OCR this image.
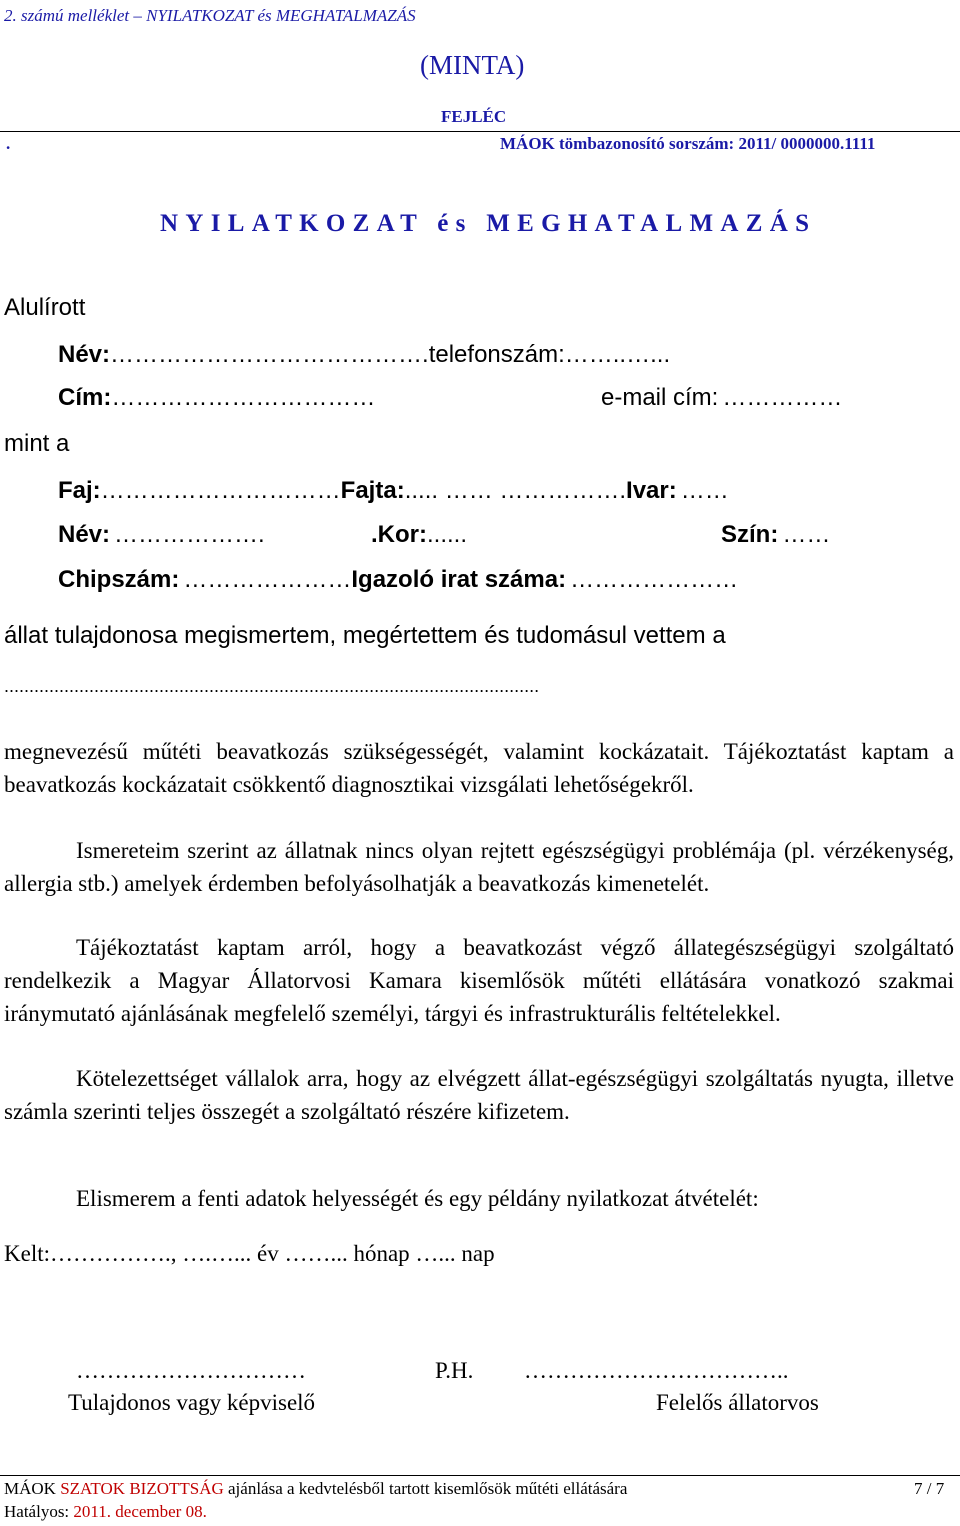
2. számú melléklet – NYILATKOZAT és MEGHATALMAZÁS
(MINTA)
FEJLÉC
.	MÁOK tömbazonosító sorszám: 2011/ 0000000.1111
NYILATKOZAT és MEGHATALMAZÁS
Alulírott
Név:………………………………….telefonszám:……..…...
Cím:……………………………	e-mail cím: ……………
mint a
Faj:…………………………Fajta:..... …… …………….Ivar: ……
Név: ……………….	.Kor:......	Szín: ……
Chipszám: …………………Igazoló irat száma: …………………
állat tulajdonosa megismertem, megértettem és tudomásul vettem a
...........................................................................................................
megnevezésű műtéti beavatkozás szükségességét, valamint kockázatait. Tájékoztatást kaptam a beavatkozás kockázatait csökkentő diagnosztikai vizsgálati lehetőségekről.
Ismereteim szerint az állatnak nincs olyan rejtett egészségügyi problémája (pl. vérzékenység, allergia stb.) amelyek érdemben befolyásolhatják a beavatkozás kimenetelét.
Tájékoztatást kaptam arról, hogy a beavatkozást végző állategészségügyi szolgáltató rendelkezik a Magyar Állatorvosi Kamara kisemlősök műtéti ellátására vonatkozó szakmai iránymutató ajánlásának megfelelő személyi, tárgyi és infrastrukturális feltételekkel.
Kötelezettséget vállalok arra, hogy az elvégzett állat-egészségügyi szolgáltatás nyugta, illetve számla szerinti teljes összegét a szolgáltató részére kifizetem.
Elismerem a fenti adatok helyességét és egy példány nyilatkozat átvételét:
Kelt:……………., ….…... év ……... hónap …... nap
…………………………	P.H. ……………………………..
Tulajdonos vagy képviselő	Felelős állatorvos
MÁOK SZATOK BIZOTTSÁG ajánlása a kedvtelésből tartott kisemlősök műtéti ellátására	7 / 7
Hatályos: 2011. december 08.
